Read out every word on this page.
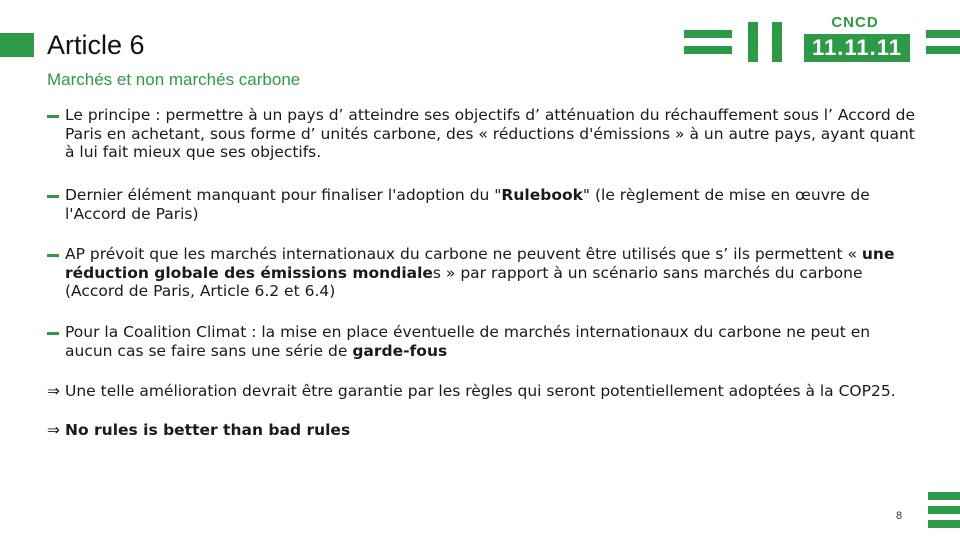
Article 6
Marchés et non marchés carbone
CNCD
11.11.11
Le principe : permettre à un pays d’ atteindre ses objectifs d’ atténuation du réchauffement sous l’ Accord de Paris en achetant, sous forme d’ unités carbone, des « réductions d'émissions » à un autre pays, ayant quant à lui fait mieux que ses objectifs.
Dernier élément manquant pour finaliser l'adoption du "Rulebook" (le règlement de mise en œuvre de l'Accord de Paris)
AP prévoit que les marchés internationaux du carbone ne peuvent être utilisés que s’ ils permettent « une réduction globale des émissions mondiales » par rapport à un scénario sans marchés du carbone (Accord de Paris, Article 6.2 et 6.4)
Pour la Coalition Climat : la mise en place éventuelle de marchés internationaux du carbone ne peut en aucun cas se faire sans une série de garde-fous
⇒ Une telle amélioration devrait être garantie par les règles qui seront potentiellement adoptées à la COP25.
⇒ No rules is better than bad rules
8
